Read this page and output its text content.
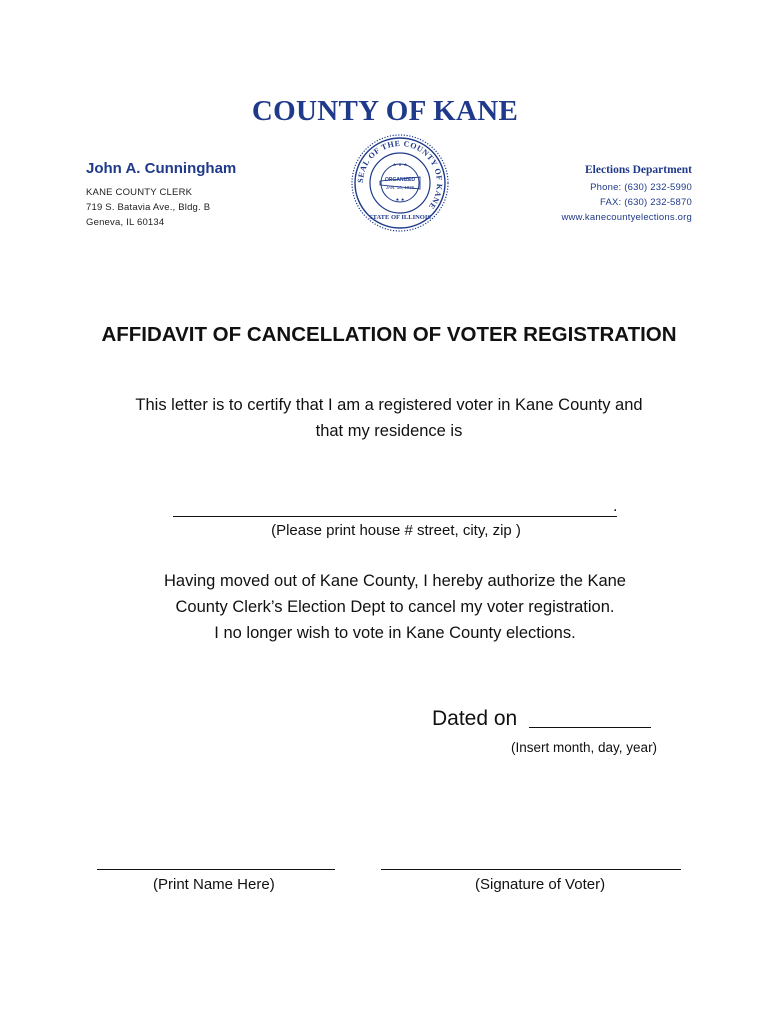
COUNTY OF KANE
John A. Cunningham
KANE COUNTY CLERK
719 S. Batavia Ave., Bldg. B
Geneva, IL 60134
SEAL OF THE COUNTY OF KANE
★ ★ ★
ORGANIZED
JAN. 16, 1836
★ ★
STATE OF ILLINOIS
Elections Department
Phone: (630) 232-5990
FAX: (630) 232-5870
www.kanecountyelections.org
AFFIDAVIT OF CANCELLATION OF VOTER REGISTRATION
This letter is to certify that I am a registered voter in Kane County and
that my residence is
.
(Please print house # street, city, zip )
Having moved out of Kane County, I hereby authorize the Kane
County Clerk’s Election Dept to cancel my voter registration.
I no longer wish to vote in Kane County elections.
Dated on
(Insert month, day, year)
(Print Name Here)	(Signature of Voter)
